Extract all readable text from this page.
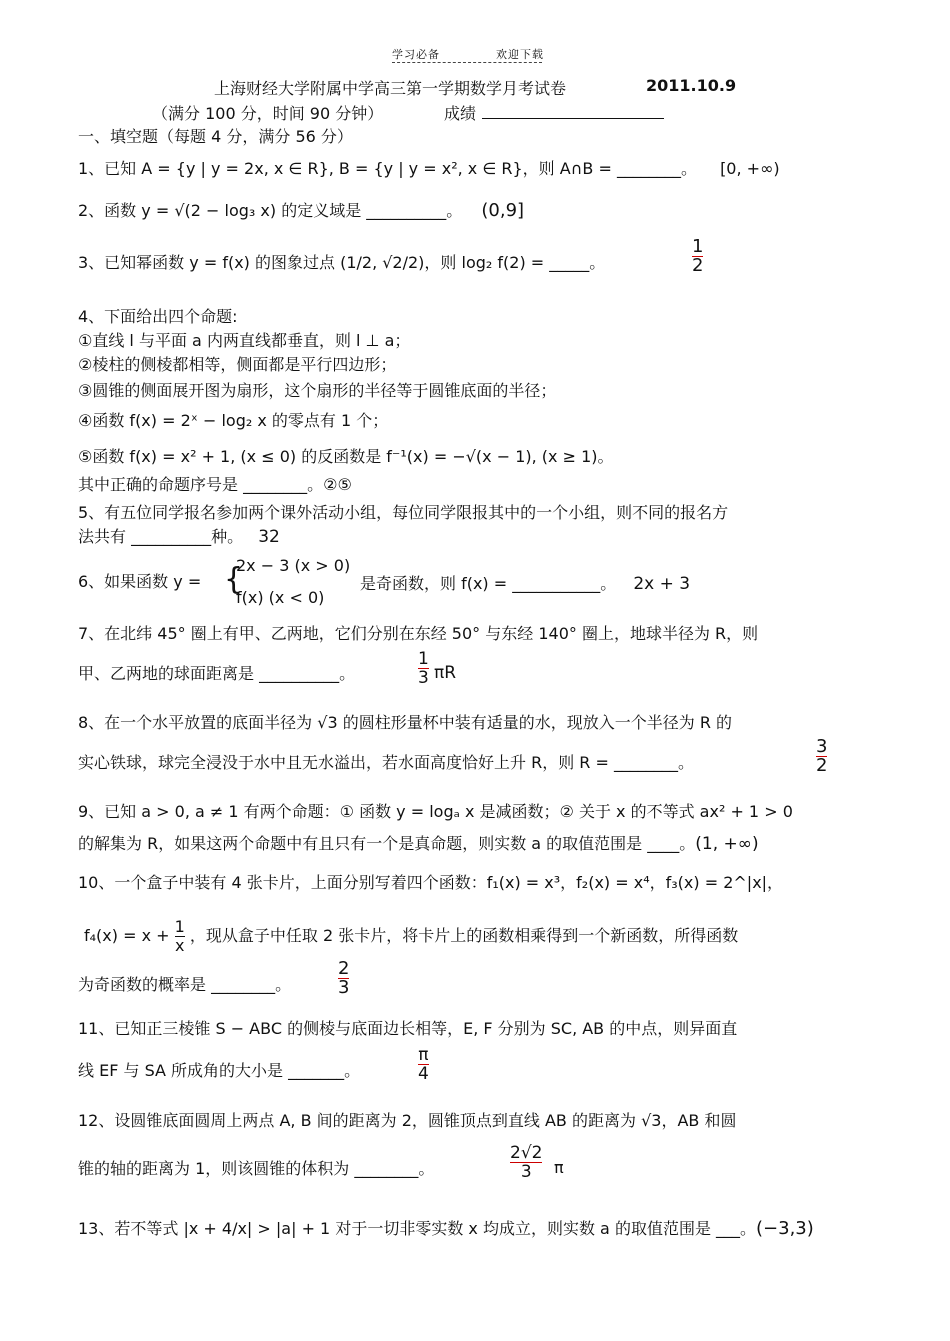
学习必备	欢迎下载
上海财经大学附属中学高三第一学期数学月考试卷	2011.10.9
（满分 100 分，时间 90 分钟）	成绩
一、填空题（每题 4 分，满分 56 分）
1、已知 A = {y | y = 2x, x ∈ R}, B = {y | y = x², x ∈ R}，则 A∩B = ________。 [0, +∞)
2、函数 y = √(2 − log₃ x) 的定义域是 __________。 (0,9]
3、已知幂函数 y = f(x) 的图象过点 (1/2, √2/2)，则 log₂ f(2) = _____。	$\frac{1}{2}$
4、下面给出四个命题:
①直线 l 与平面 a 内两直线都垂直，则 l ⊥ a；
②棱柱的侧棱都相等，侧面都是平行四边形；
③圆锥的侧面展开图为扇形，这个扇形的半径等于圆锥底面的半径；
④函数 f(x) = 2ˣ − log₂ x 的零点有 1 个；
⑤函数 f(x) = x² + 1, (x ≤ 0) 的反函数是 f⁻¹(x) = −√(x − 1), (x ≥ 1)。
其中正确的命题序号是 ________。②⑤
5、有五位同学报名参加两个课外活动小组，每位同学限报其中的一个小组，则不同的报名方
法共有 __________种。 32
6、如果函数 y = {
2x − 3 (x > 0)
f(x) (x < 0)
是奇函数，则 f(x) = ___________。 2x + 3
7、在北纬 45° 圈上有甲、乙两地，它们分别在东经 50° 与东经 140° 圈上，地球半径为 R，则
甲、乙两地的球面距离是 __________。	$\frac{1}{3}$ πR
8、在一个水平放置的底面半径为 √3 的圆柱形量杯中装有适量的水，现放入一个半径为 R 的
实心铁球，球完全浸没于水中且无水溢出，若水面高度恰好上升 R，则 R = ________。	$\frac{3}{2}$
9、已知 a > 0, a ≠ 1 有两个命题：① 函数 y = logₐ x 是减函数；② 关于 x 的不等式 ax² + 1 > 0
的解集为 R，如果这两个命题中有且只有一个是真命题，则实数 a 的取值范围是 ____。(1, +∞)
10、一个盒子中装有 4 张卡片，上面分别写着四个函数：f₁(x) = x³，f₂(x) = x⁴，f₃(x) = 2^|x|，
$f_4(x) = x + \frac{1}{x}$ ，现从盒子中任取 2 张卡片，将卡片上的函数相乘得到一个新函数，所得函数
为奇函数的概率是 ________。	$\frac{2}{3}$
11、已知正三棱锥 S − ABC 的侧棱与底面边长相等，E, F 分别为 SC, AB 的中点，则异面直
线 EF 与 SA 所成角的大小是 _______。	$\frac{\pi}{4}$
12、设圆锥底面圆周上两点 A, B 间的距离为 2，圆锥顶点到直线 AB 的距离为 √3，AB 和圆
锥的轴的距离为 1，则该圆锥的体积为 ________。	$\frac{2√2}{3}$ π
13、若不等式 |x + 4/x| > |a| + 1 对于一切非零实数 x 均成立，则实数 a 的取值范围是 ___。(−3,3)
